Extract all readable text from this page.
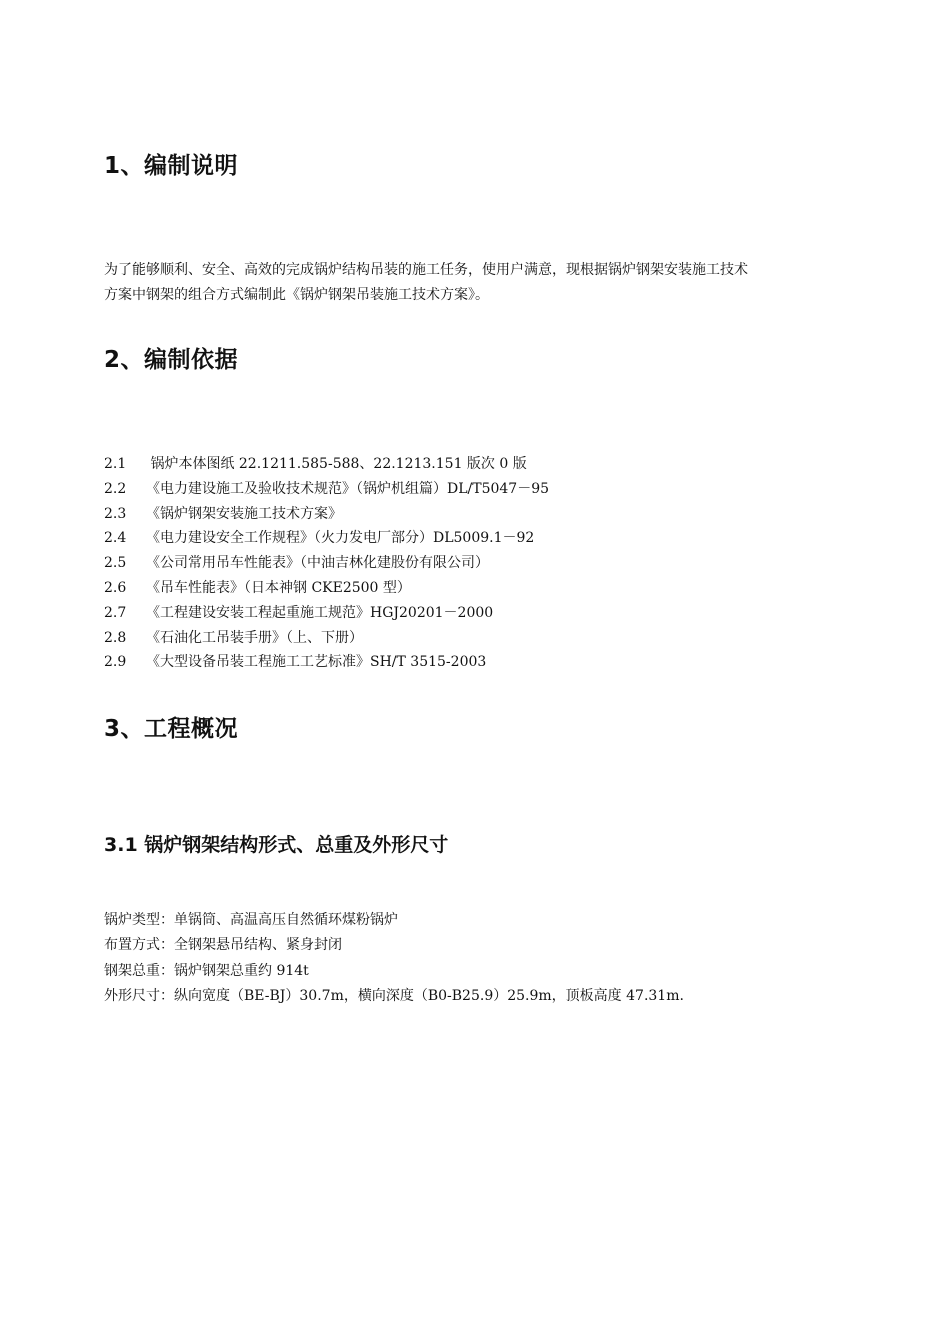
1、编制说明

为了能够顺利、安全、高效的完成锅炉结构吊装的施工任务，使用户满意，现根据锅炉钢架安装施工技术

方案中钢架的组合方式编制此《锅炉钢架吊装施工技术方案》。

2、编制依据
2.1 锅炉本体图纸 22.1211.585-588、22.1213.151 版次 0 版
2.2 《电力建设施工及验收技术规范》（锅炉机组篇）DL/T5047－95
2.3 《锅炉钢架安装施工技术方案》
2.4 《电力建设安全工作规程》（火力发电厂部分）DL5009.1－92
2.5 《公司常用吊车性能表》（中油吉林化建股份有限公司）
2.6 《吊车性能表》（日本神钢 CKE2500 型）
2.7 《工程建设安装工程起重施工规范》HGJ20201－2000
2.8 《石油化工吊装手册》（上、下册）
2.9 《大型设备吊装工程施工工艺标准》SH/T 3515-2003
3、工程概况
3.1 锅炉钢架结构形式、总重及外形尺寸
锅炉类型：单锅筒、高温高压自然循环煤粉锅炉
布置方式：全钢架悬吊结构、紧身封闭
钢架总重：锅炉钢架总重约 914t
外形尺寸：纵向宽度（BE-BJ）30.7m，横向深度（B0-B25.9）25.9m，顶板高度 47.31m.
